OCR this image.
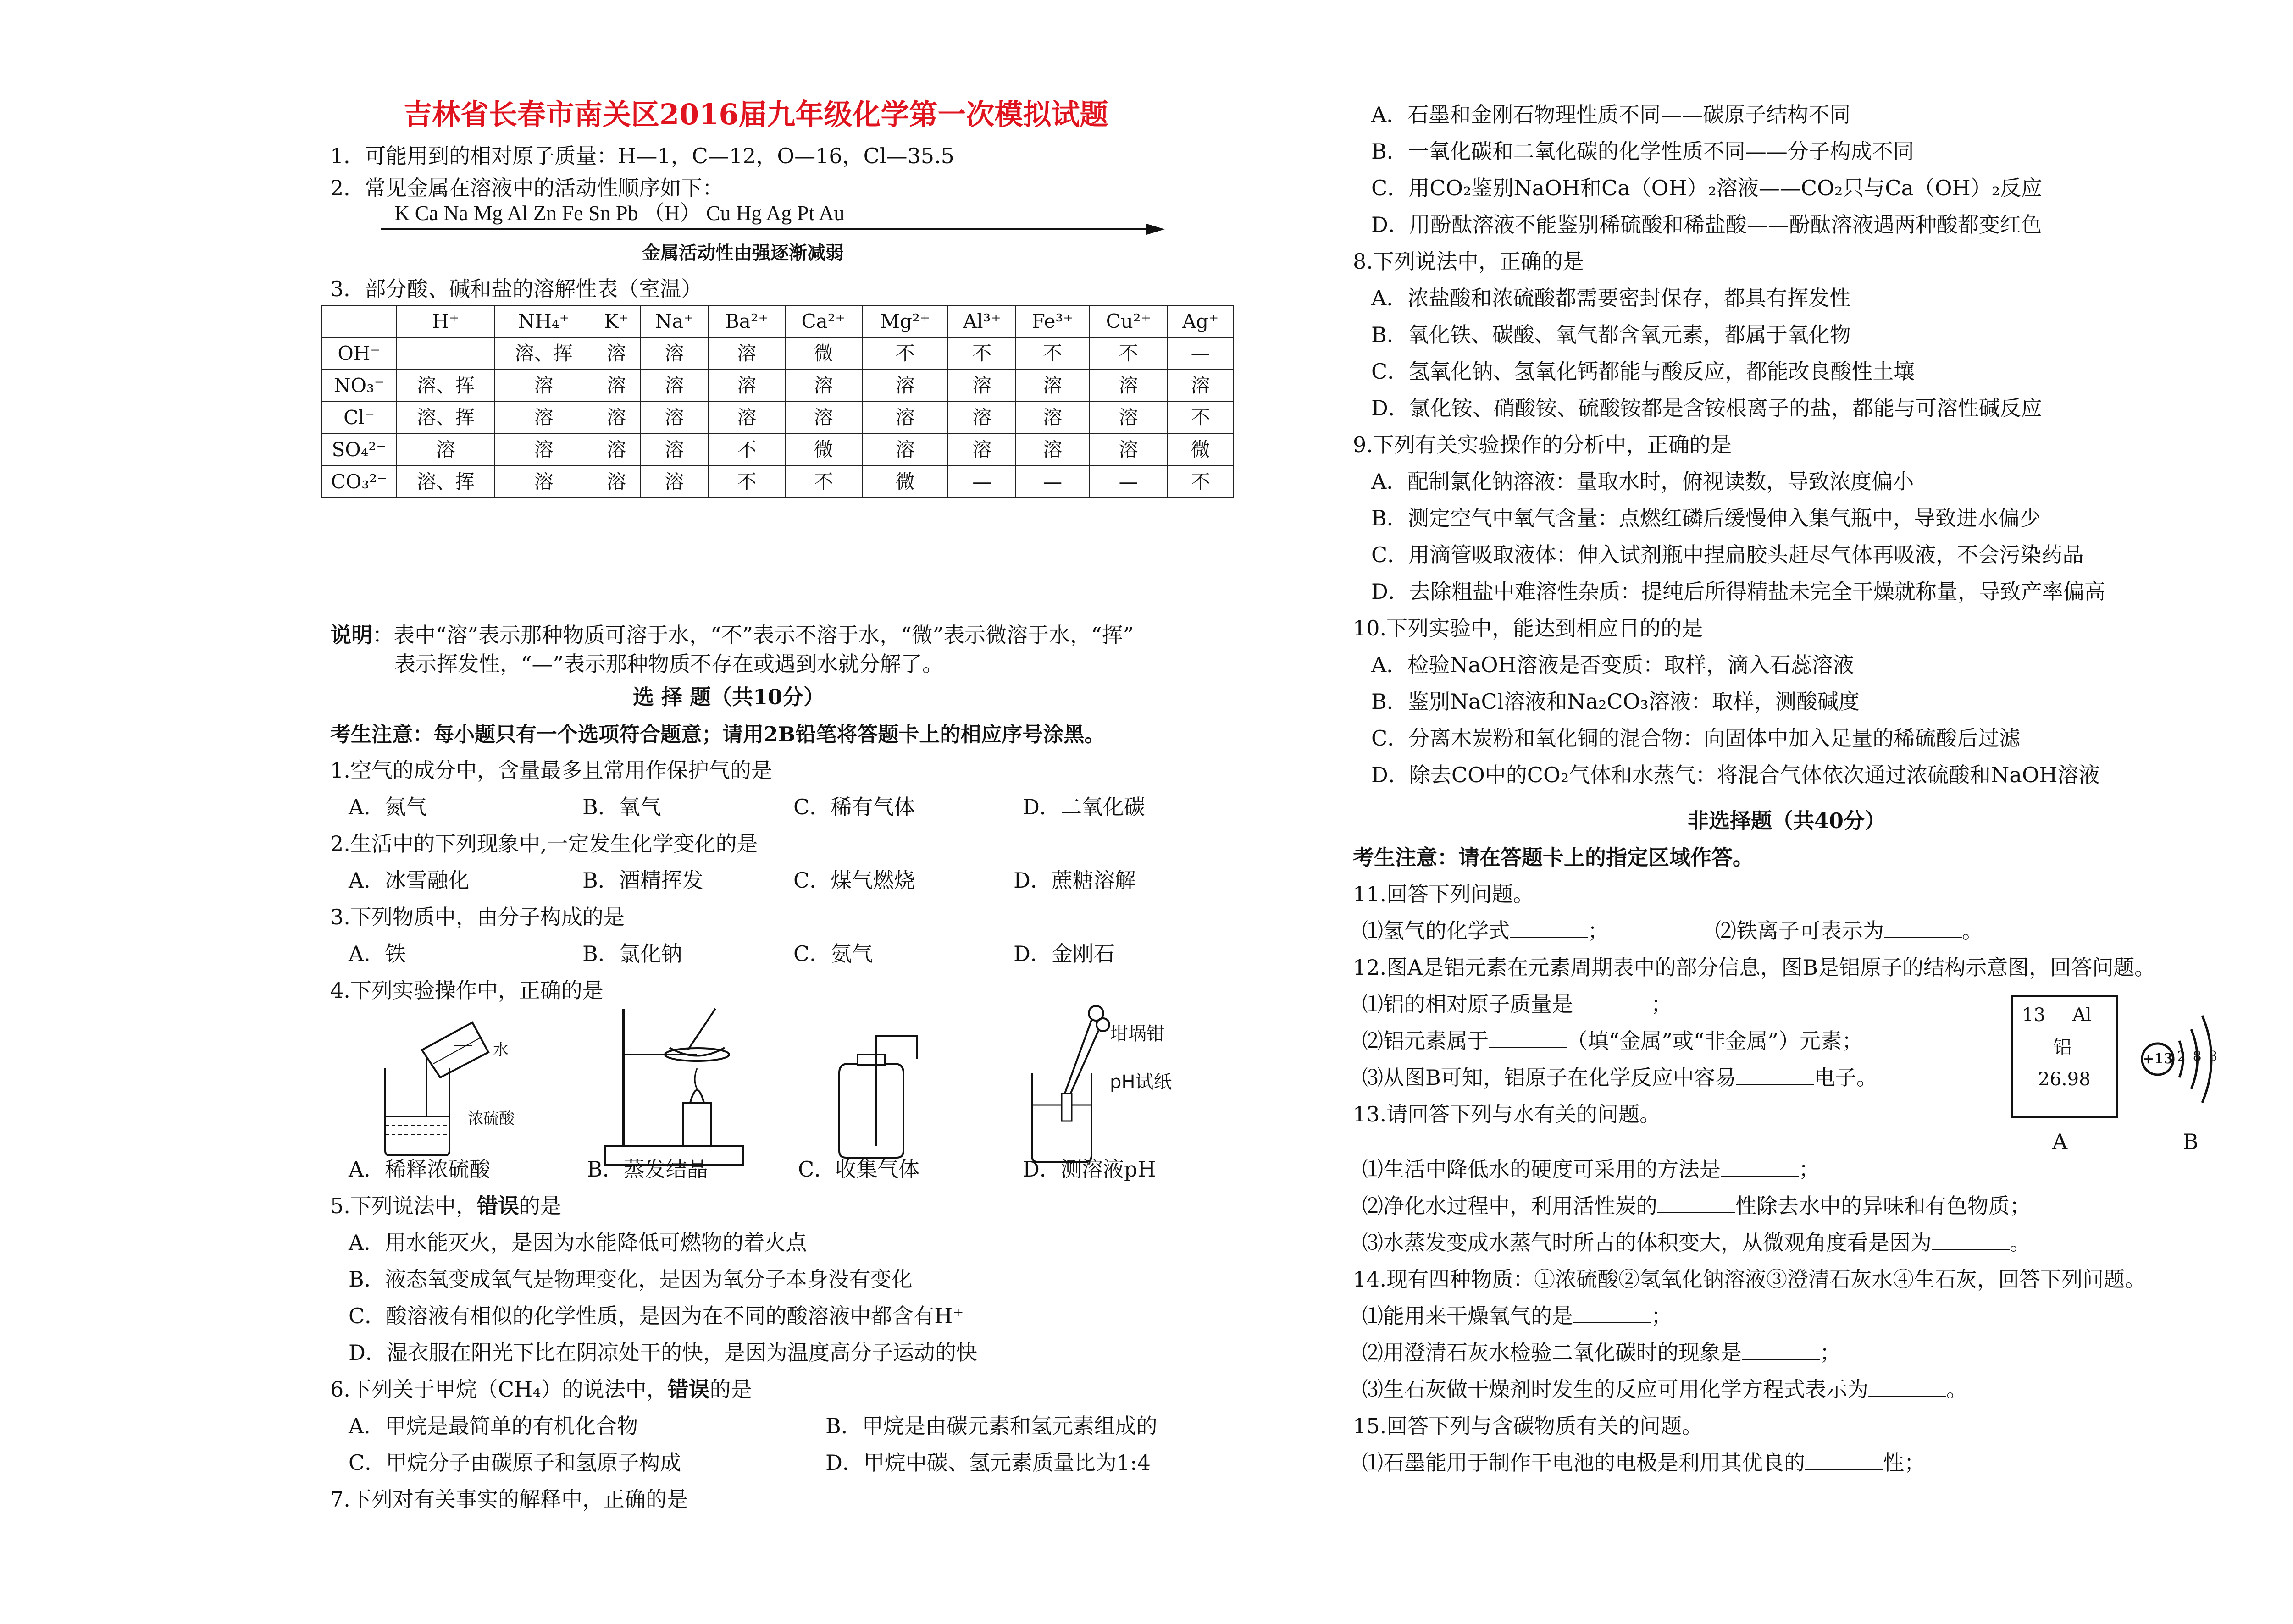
吉林省长春市南关区2016届九年级化学第一次模拟试题
1．可能用到的相对原子质量：H—1，C—12，O—16，Cl—35.5
2．常见金属在溶液中的活动性顺序如下：
K Ca Na Mg Al Zn Fe Sn Pb （H） Cu Hg Ag Pt Au
金属活动性由强逐渐减弱
3．部分酸、碱和盐的溶解性表（室温）
	H⁺	NH₄⁺	K⁺	Na⁺	Ba²⁺	Ca²⁺	Mg²⁺	Al³⁺	Fe³⁺	Cu²⁺	Ag⁺
OH⁻		溶、挥	溶	溶	溶	微	不	不	不	不	—
NO₃⁻	溶、挥	溶	溶	溶	溶	溶	溶	溶	溶	溶	溶
Cl⁻	溶、挥	溶	溶	溶	溶	溶	溶	溶	溶	溶	不
SO₄²⁻	溶	溶	溶	溶	不	微	溶	溶	溶	溶	微
CO₃²⁻	溶、挥	溶	溶	溶	不	不	微	—	—	—	不
说明：表中“溶”表示那种物质可溶于水，“不”表示不溶于水，“微”表示微溶于水，“挥”
表示挥发性，“—”表示那种物质不存在或遇到水就分解了。
选 择 题（共10分）
考生注意：每小题只有一个选项符合题意；请用2B铅笔将答题卡上的相应序号涂黑。
1.空气的成分中，含量最多且常用作保护气的是
A．氮气	B．氧气	C．稀有气体	D．二氧化碳
2.生活中的下列现象中,一定发生化学变化的是
A．冰雪融化	B．酒精挥发	C．煤气燃烧	D．蔗糖溶解
3.下列物质中，由分子构成的是
A．铁	B．氯化钠	C．氨气	D．金刚石
4.下列实验操作中，正确的是
水
浓硫酸
坩埚钳
pH试纸
A．稀释浓硫酸	B．蒸发结晶	C．收集气体	D．测溶液pH
5.下列说法中，错误的是
A．用水能灭火，是因为水能降低可燃物的着火点
B．液态氧变成氧气是物理变化，是因为氧分子本身没有变化
C．酸溶液有相似的化学性质，是因为在不同的酸溶液中都含有H⁺
D．湿衣服在阳光下比在阴凉处干的快，是因为温度高分子运动的快
6.下列关于甲烷（CH₄）的说法中，错误的是
A．甲烷是最简单的有机化合物	B．甲烷是由碳元素和氢元素组成的
C．甲烷分子由碳原子和氢原子构成	D．甲烷中碳、氢元素质量比为1:4
7.下列对有关事实的解释中，正确的是
A．石墨和金刚石物理性质不同——碳原子结构不同
B．一氧化碳和二氧化碳的化学性质不同——分子构成不同
C．用CO₂鉴别NaOH和Ca（OH）₂溶液——CO₂只与Ca（OH）₂反应
D．用酚酞溶液不能鉴别稀硫酸和稀盐酸——酚酞溶液遇两种酸都变红色
8.下列说法中，正确的是
A．浓盐酸和浓硫酸都需要密封保存，都具有挥发性
B．氧化铁、碳酸、氧气都含氧元素，都属于氧化物
C．氢氧化钠、氢氧化钙都能与酸反应，都能改良酸性土壤
D．氯化铵、硝酸铵、硫酸铵都是含铵根离子的盐，都能与可溶性碱反应
9.下列有关实验操作的分析中，正确的是
A．配制氯化钠溶液：量取水时，俯视读数，导致浓度偏小
B．测定空气中氧气含量：点燃红磷后缓慢伸入集气瓶中，导致进水偏少
C．用滴管吸取液体：伸入试剂瓶中捏扁胶头赶尽气体再吸液，不会污染药品
D．去除粗盐中难溶性杂质：提纯后所得精盐未完全干燥就称量，导致产率偏高
10.下列实验中，能达到相应目的的是
A．检验NaOH溶液是否变质：取样，滴入石蕊溶液
B．鉴别NaCl溶液和Na₂CO₃溶液：取样，测酸碱度
C．分离木炭粉和氧化铜的混合物：向固体中加入足量的稀硫酸后过滤
D．除去CO中的CO₂气体和水蒸气：将混合气体依次通过浓硫酸和NaOH溶液
非选择题（共40分）
考生注意：请在答题卡上的指定区域作答。
11.回答下列问题。
⑴氢气的化学式	；	⑵铁离子可表示为	。
12.图A是铝元素在元素周期表中的部分信息，图B是铝原子的结构示意图，回答问题。
⑴铝的相对原子质量是	；
⑵铝元素属于	（填“金属”或“非金属”）元素；
⑶从图B可知，铝原子在化学反应中容易	电子。
13 Al
铝
26.98
A
+13 2 8 3
B
13.请回答下列与水有关的问题。
⑴生活中降低水的硬度可采用的方法是	；
⑵净化水过程中，利用活性炭的	性除去水中的异味和有色物质；
⑶水蒸发变成水蒸气时所占的体积变大，从微观角度看是因为	。
14.现有四种物质：①浓硫酸②氢氧化钠溶液③澄清石灰水④生石灰，回答下列问题。
⑴能用来干燥氧气的是	；
⑵用澄清石灰水检验二氧化碳时的现象是	；
⑶生石灰做干燥剂时发生的反应可用化学方程式表示为	。
15.回答下列与含碳物质有关的问题。
⑴石墨能用于制作干电池的电极是利用其优良的	性；
